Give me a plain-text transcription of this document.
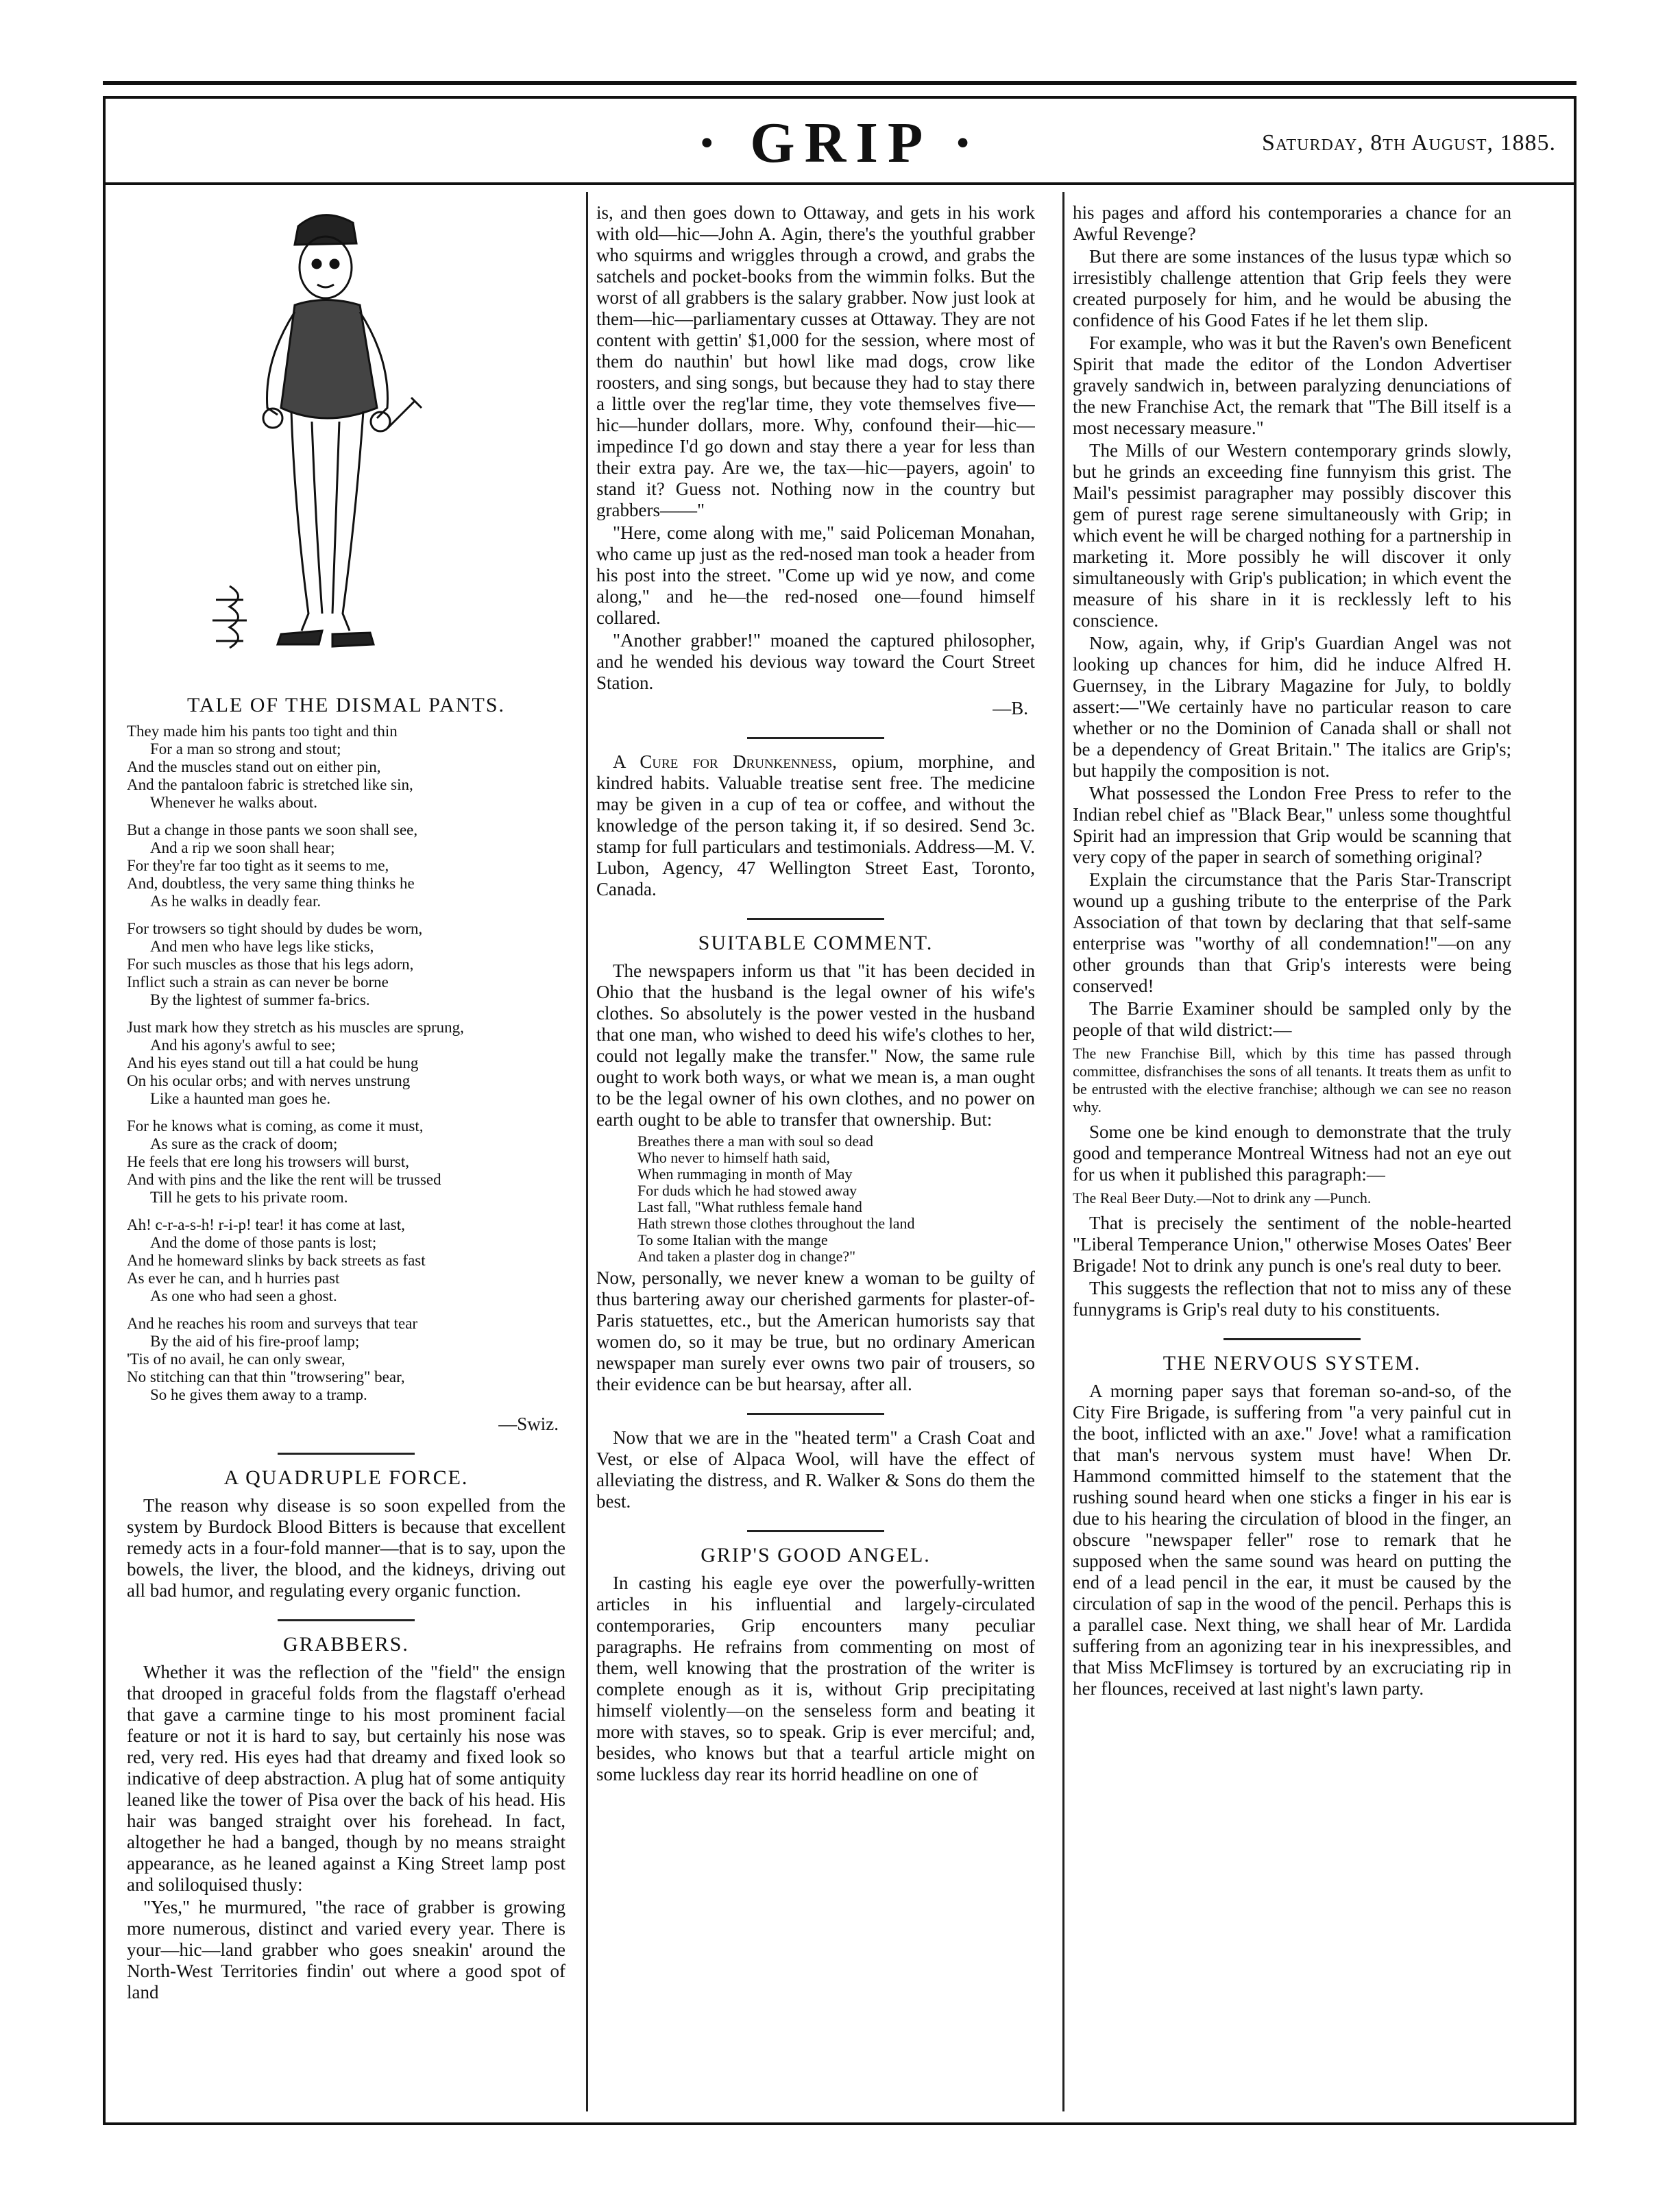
· GRIP ·	Saturday, 8th August, 1885.
TALE OF THE DISMAL PANTS.
They made him his pants too tight and thin
For a man so strong and stout;
And the muscles stand out on either pin,
And the pantaloon fabric is stretched like sin,
Whenever he walks about.
But a change in those pants we soon shall see,
And a rip we soon shall hear;
For they're far too tight as it seems to me,
And, doubtless, the very same thing thinks he
As he walks in deadly fear.
For trowsers so tight should by dudes be worn,
And men who have legs like sticks,
For such muscles as those that his legs adorn,
Inflict such a strain as can never be borne
By the lightest of summer fa-brics.
Just mark how they stretch as his muscles are sprung,
And his agony's awful to see;
And his eyes stand out till a hat could be hung
On his ocular orbs; and with nerves unstrung
Like a haunted man goes he.
For he knows what is coming, as come it must,
As sure as the crack of doom;
He feels that ere long his trowsers will burst,
And with pins and the like the rent will be trussed
Till he gets to his private room.
Ah! c-r-a-s-h! r-i-p! tear! it has come at last,
And the dome of those pants is lost;
And he homeward slinks by back streets as fast
As ever he can, and h hurries past
As one who had seen a ghost.
And he reaches his room and surveys that tear
By the aid of his fire-proof lamp;
'Tis of no avail, he can only swear,
No stitching can that thin "trowsering" bear,
So he gives them away to a tramp.
—Swiz.
A QUADRUPLE FORCE.

The reason why disease is so soon expelled from the system by Burdock Blood Bitters is because that excellent remedy acts in a four-fold manner—that is to say, upon the bowels, the liver, the blood, and the kidneys, driving out all bad humor, and regulating every organic function.

GRABBERS.

Whether it was the reflection of the "field" the ensign that drooped in graceful folds from the flagstaff o'erhead that gave a carmine tinge to his most prominent facial feature or not it is hard to say, but certainly his nose was red, very red. His eyes had that dreamy and fixed look so indicative of deep abstraction. A plug hat of some antiquity leaned like the tower of Pisa over the back of his head. His hair was banged straight over his forehead. In fact, altogether he had a banged, though by no means straight appearance, as he leaned against a King Street lamp post and soliloquised thusly:

"Yes," he murmured, "the race of grabber is growing more numerous, distinct and varied every year. There is your—hic—land grabber who goes sneakin' around the North-West Territories findin' out where a good spot of land

is, and then goes down to Ottaway, and gets in his work with old—hic—John A. Agin, there's the youthful grabber who squirms and wriggles through a crowd, and grabs the satchels and pocket-books from the wimmin folks. But the worst of all grabbers is the salary grabber. Now just look at them—hic—parliamentary cusses at Ottaway. They are not content with gettin' $1,000 for the session, where most of them do nauthin' but howl like mad dogs, crow like roosters, and sing songs, but because they had to stay there a little over the reg'lar time, they vote themselves five—hic—hunder dollars, more. Why, confound their—hic—impedince I'd go down and stay there a year for less than their extra pay. Are we, the tax—hic—payers, agoin' to stand it? Guess not. Nothing now in the country but grabbers——"

"Here, come along with me," said Policeman Monahan, who came up just as the red-nosed man took a header from his post into the street. "Come up wid ye now, and come along," and he—the red-nosed one—found himself collared.

"Another grabber!" moaned the captured philosopher, and he wended his devious way toward the Court Street Station.

—B.

A Cure for Drunkenness, opium, morphine, and kindred habits. Valuable treatise sent free. The medicine may be given in a cup of tea or coffee, and without the knowledge of the person taking it, if so desired. Send 3c. stamp for full particulars and testimonials. Address—M. V. Lubon, Agency, 47 Wellington Street East, Toronto, Canada.

SUITABLE COMMENT.

The newspapers inform us that "it has been decided in Ohio that the husband is the legal owner of his wife's clothes. So absolutely is the power vested in the husband that one man, who wished to deed his wife's clothes to her, could not legally make the transfer." Now, the same rule ought to work both ways, or what we mean is, a man ought to be the legal owner of his own clothes, and no power on earth ought to be able to transfer that ownership. But:

Breathes there a man with soul so dead
Who never to himself hath said,
When rummaging in month of May
For duds which he had stowed away
Last fall, "What ruthless female hand
Hath strewn those clothes throughout the land
To some Italian with the mange
And taken a plaster dog in change?"

Now, personally, we never knew a woman to be guilty of thus bartering away our cherished garments for plaster-of-Paris statuettes, etc., but the American humorists say that women do, so it may be true, but no ordinary American newspaper man surely ever owns two pair of trousers, so their evidence can be but hearsay, after all.

Now that we are in the "heated term" a Crash Coat and Vest, or else of Alpaca Wool, will have the effect of alleviating the distress, and R. Walker & Sons do them the best.

GRIP'S GOOD ANGEL.

In casting his eagle eye over the powerfully-written articles in his influential and largely-circulated contemporaries, Grip encounters many peculiar paragraphs. He refrains from commenting on most of them, well knowing that the prostration of the writer is complete enough as it is, without Grip precipitating himself violently—on the senseless form and beating it more with staves, so to speak. Grip is ever merciful; and, besides, who knows but that a tearful article might on some luckless day rear its horrid headline on one of

his pages and afford his contemporaries a chance for an Awful Revenge?

But there are some instances of the lusus typæ which so irresistibly challenge attention that Grip feels they were created purposely for him, and he would be abusing the confidence of his Good Fates if he let them slip.

For example, who was it but the Raven's own Beneficent Spirit that made the editor of the London Advertiser gravely sandwich in, between paralyzing denunciations of the new Franchise Act, the remark that "The Bill itself is a most necessary measure."

The Mills of our Western contemporary grinds slowly, but he grinds an exceeding fine funnyism this grist. The Mail's pessimist paragrapher may possibly discover this gem of purest rage serene simultaneously with Grip; in which event he will be charged nothing for a partnership in marketing it. More possibly he will discover it only simultaneously with Grip's publication; in which event the measure of his share in it is recklessly left to his conscience.

Now, again, why, if Grip's Guardian Angel was not looking up chances for him, did he induce Alfred H. Guernsey, in the Library Magazine for July, to boldly assert:—"We certainly have no particular reason to care whether or no the Dominion of Canada shall or shall not be a dependency of Great Britain." The italics are Grip's; but happily the composition is not.

What possessed the London Free Press to refer to the Indian rebel chief as "Black Bear," unless some thoughtful Spirit had an impression that Grip would be scanning that very copy of the paper in search of something original?

Explain the circumstance that the Paris Star-Transcript wound up a gushing tribute to the enterprise of the Park Association of that town by declaring that that self-same enterprise was "worthy of all condemnation!"—on any other grounds than that Grip's interests were being conserved!

The Barrie Examiner should be sampled only by the people of that wild district:—

The new Franchise Bill, which by this time has passed through committee, disfranchises the sons of all tenants. It treats them as unfit to be entrusted with the elective franchise; although we can see no reason why.

Some one be kind enough to demonstrate that the truly good and temperance Montreal Witness had not an eye out for us when it published this paragraph:—

The Real Beer Duty.—Not to drink any —Punch.

That is precisely the sentiment of the noble-hearted "Liberal Temperance Union," otherwise Moses Oates' Beer Brigade! Not to drink any punch is one's real duty to beer.

This suggests the reflection that not to miss any of these funnygrams is Grip's real duty to his constituents.

THE NERVOUS SYSTEM.

A morning paper says that foreman so-and-so, of the City Fire Brigade, is suffering from "a very painful cut in the boot, inflicted with an axe." Jove! what a ramification that man's nervous system must have! When Dr. Hammond committed himself to the statement that the rushing sound heard when one sticks a finger in his ear is due to his hearing the circulation of blood in the finger, an obscure "newspaper feller" rose to remark that he supposed when the same sound was heard on putting the end of a lead pencil in the ear, it must be caused by the circulation of sap in the wood of the pencil. Perhaps this is a parallel case. Next thing, we shall hear of Mr. Lardida suffering from an agonizing tear in his inexpressibles, and that Miss McFlimsey is tortured by an excruciating rip in her flounces, received at last night's lawn party.
